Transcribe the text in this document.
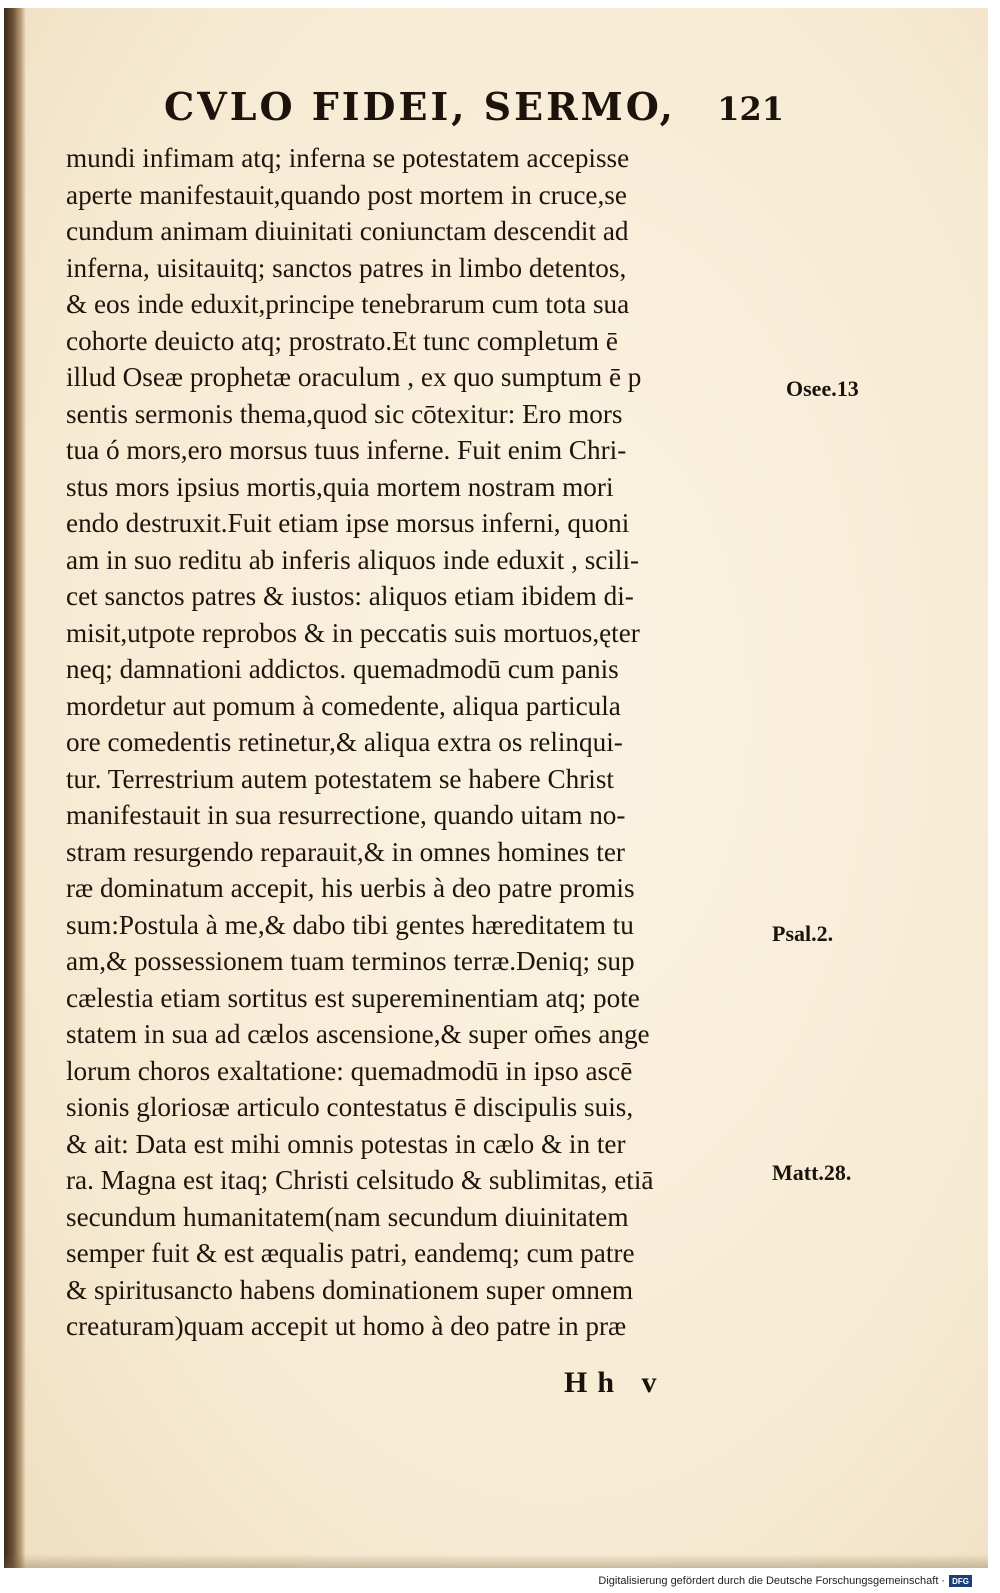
CVLO FIDEI, SERMO, 121
mundi infimam atq; inferna se potestatem accepisse
aperte manifestauit,quando post mortem in cruce,se
cundum animam diuinitati coniunctam descendit ad
inferna, uisitauitq; sanctos patres in limbo detentos,
& eos inde eduxit,principe tenebrarum cum tota sua
cohorte deuicto atq; prostrato.Et tunc completum ē
illud Oseæ prophetæ oraculum , ex quo sumptum ē p
sentis sermonis thema,quod sic cōtexitur: Ero mors
tua ó mors,ero morsus tuus inferne. Fuit enim Chri-
stus mors ipsius mortis,quia mortem nostram mori
endo destruxit.Fuit etiam ipse morsus inferni, quoni
am in suo reditu ab inferis aliquos inde eduxit , scili-
cet sanctos patres & iustos: aliquos etiam ibidem di-
misit,utpote reprobos & in peccatis suis mortuos,ęter
neq; damnationi addictos. quemadmodū cum panis
mordetur aut pomum à comedente, aliqua particula
ore comedentis retinetur,& aliqua extra os relinqui-
tur. Terrestrium autem potestatem se habere Christ
manifestauit in sua resurrectione, quando uitam no-
stram resurgendo reparauit,& in omnes homines ter
ræ dominatum accepit, his uerbis à deo patre promis
sum:Postula à me,& dabo tibi gentes hæreditatem tu
am,& possessionem tuam terminos terræ.Deniq; sup
cælestia etiam sortitus est supereminentiam atq; pote
statem in sua ad cælos ascensione,& super om̄es ange
lorum choros exaltatione: quemadmodū in ipso ascē
sionis gloriosæ articulo contestatus ē discipulis suis,
& ait: Data est mihi omnis potestas in cælo & in ter
ra. Magna est itaq; Christi celsitudo & sublimitas, etiā
secundum humanitatem(nam secundum diuinitatem
semper fuit & est æqualis patri, eandemq; cum patre
& spiritusancto habens dominationem super omnem
creaturam)quam accepit ut homo à deo patre in præ
Osee.13
Psal.2.
Matt.28.
Hh v
Digitalisierung gefördert durch die Deutsche Forschungsgemeinschaft · DFG
